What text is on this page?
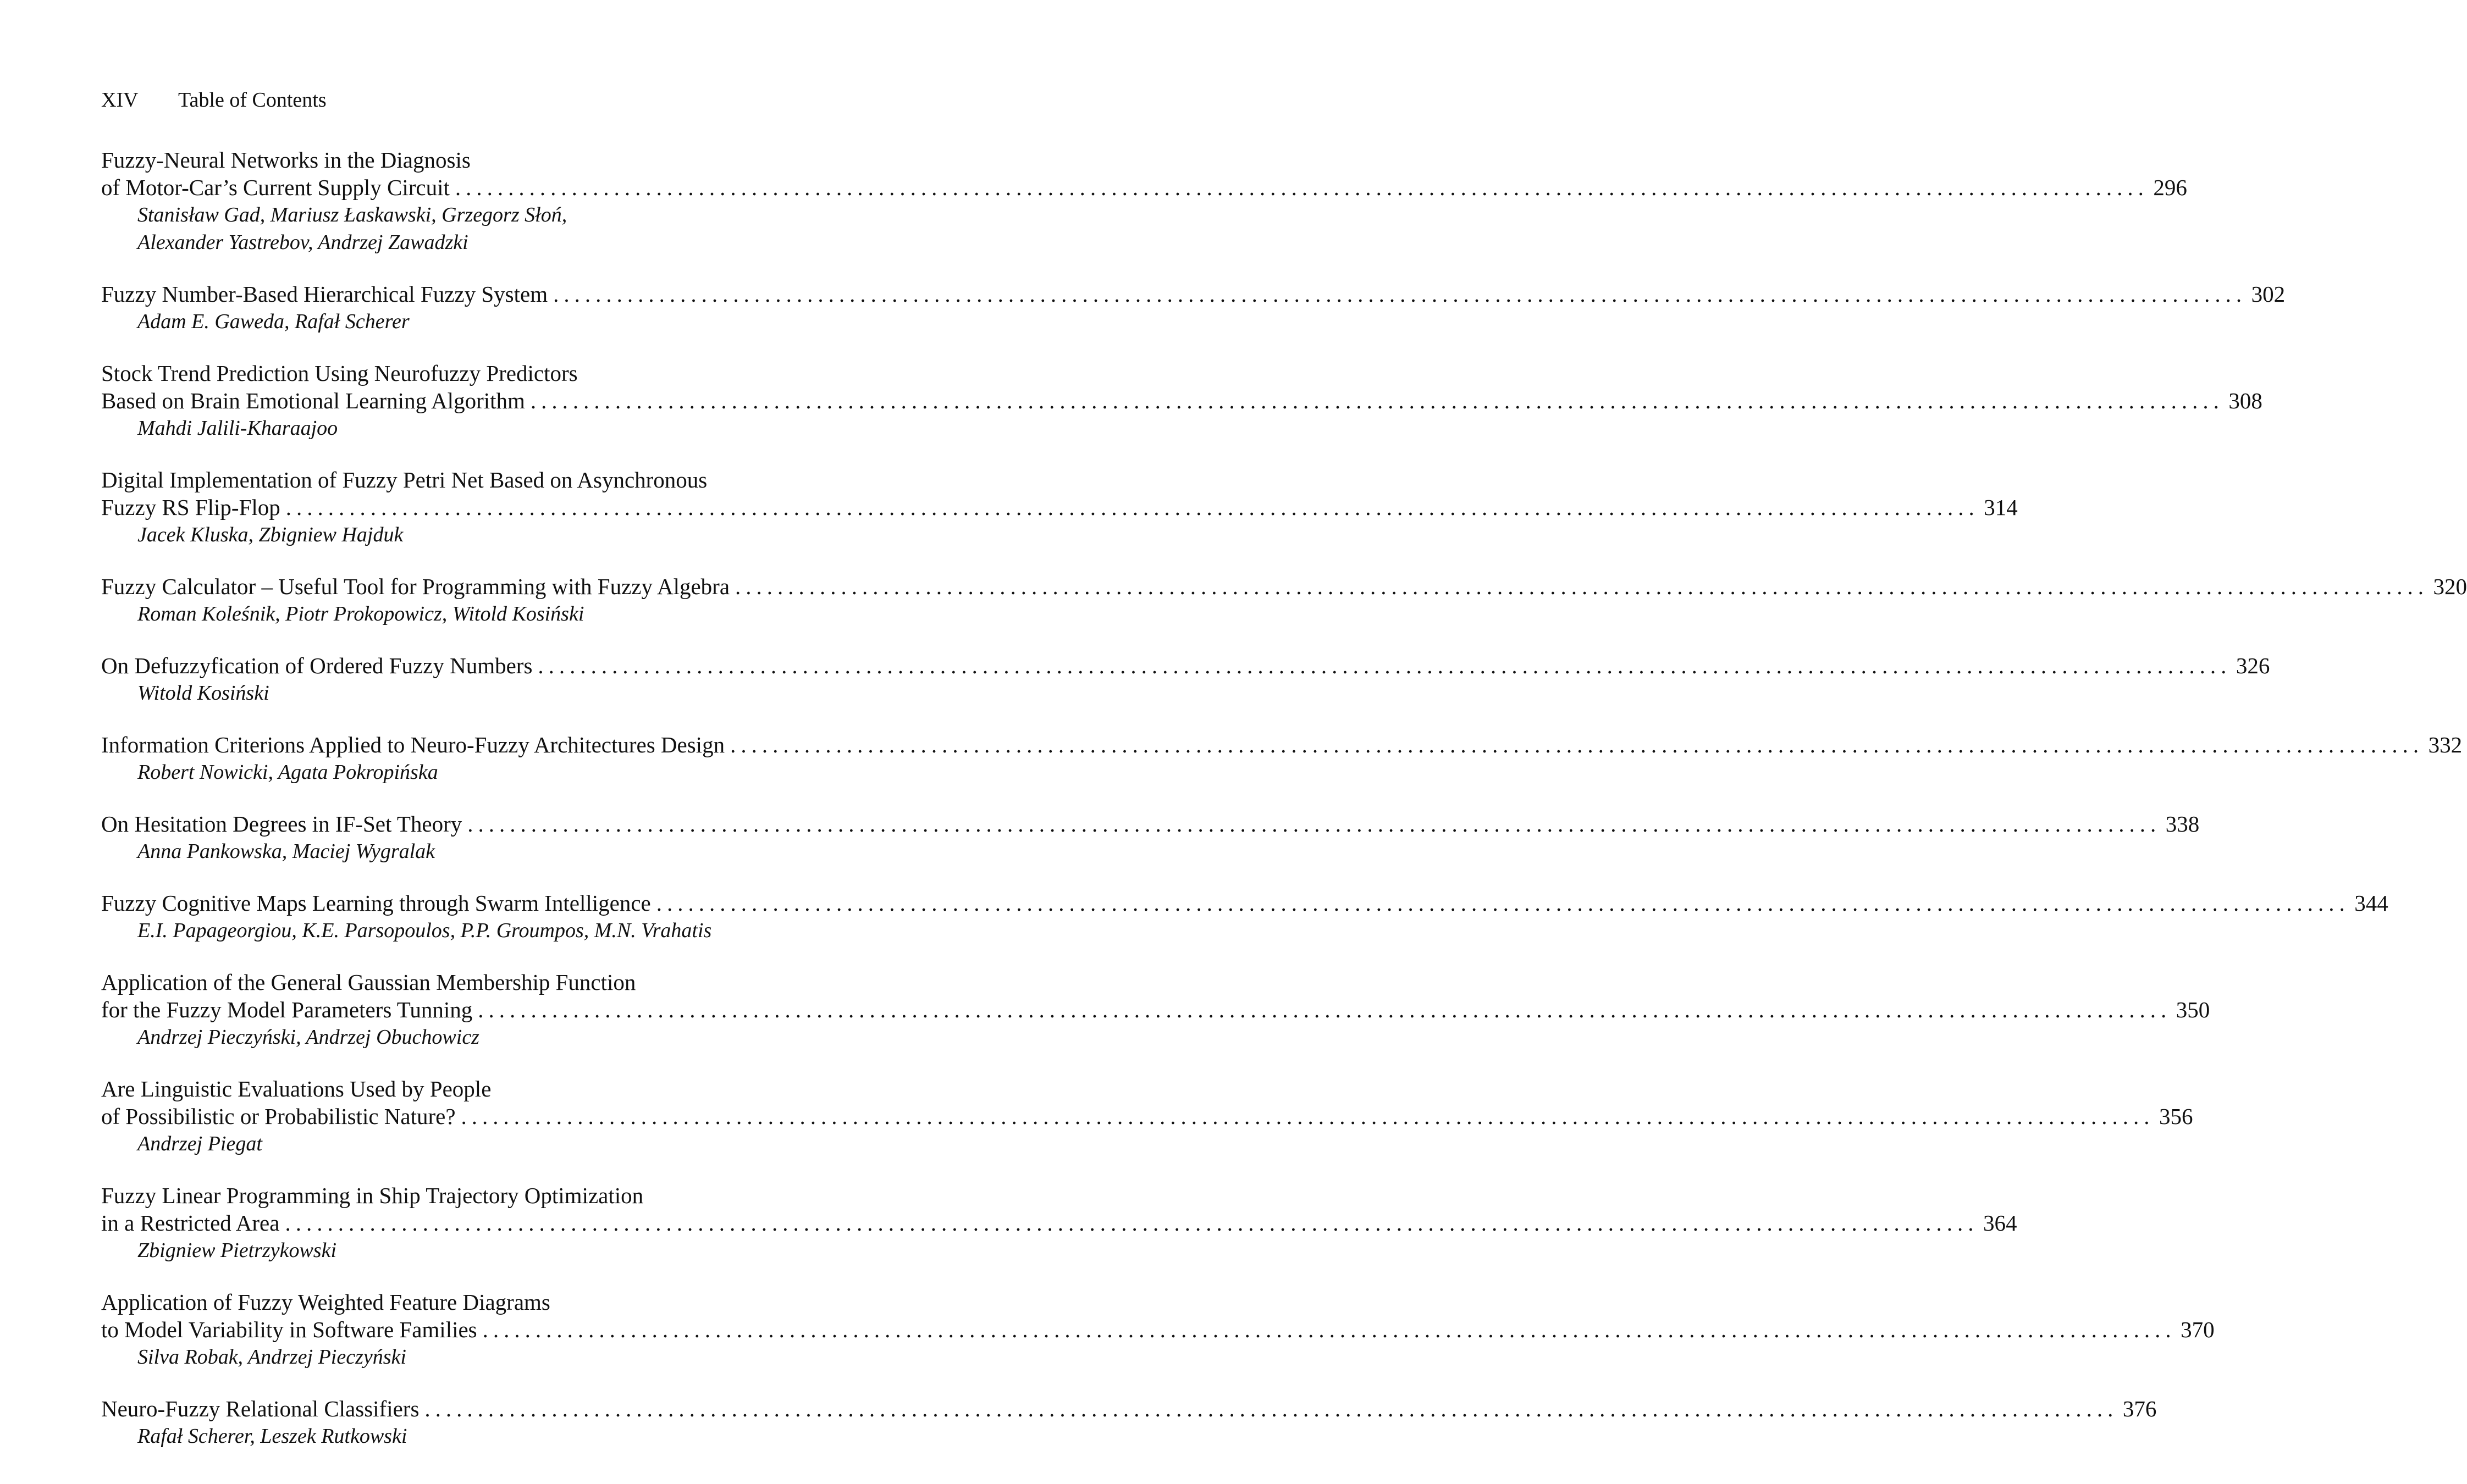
XIV Table of Contents
Fuzzy-Neural Networks in the Diagnosis
of Motor-Car’s Current Supply Circuit ................................................................................................................................................................ 296
Stanisław Gad, Mariusz Łaskawski, Grzegorz Słoń,
Alexander Yastrebov, Andrzej Zawadzki
Fuzzy Number-Based Hierarchical Fuzzy System ................................................................................................................................................................ 302
Adam E. Gaweda, Rafał Scherer
Stock Trend Prediction Using Neurofuzzy Predictors
Based on Brain Emotional Learning Algorithm ................................................................................................................................................................ 308
Mahdi Jalili-Kharaajoo
Digital Implementation of Fuzzy Petri Net Based on Asynchronous
Fuzzy RS Flip-Flop ................................................................................................................................................................ 314
Jacek Kluska, Zbigniew Hajduk
Fuzzy Calculator – Useful Tool for Programming with Fuzzy Algebra ................................................................................................................................................................ 320
Roman Koleśnik, Piotr Prokopowicz, Witold Kosiński
On Defuzzyfication of Ordered Fuzzy Numbers ................................................................................................................................................................ 326
Witold Kosiński
Information Criterions Applied to Neuro-Fuzzy Architectures Design ................................................................................................................................................................ 332
Robert Nowicki, Agata Pokropińska
On Hesitation Degrees in IF-Set Theory ................................................................................................................................................................ 338
Anna Pankowska, Maciej Wygralak
Fuzzy Cognitive Maps Learning through Swarm Intelligence ................................................................................................................................................................ 344
E.I. Papageorgiou, K.E. Parsopoulos, P.P. Groumpos, M.N. Vrahatis
Application of the General Gaussian Membership Function
for the Fuzzy Model Parameters Tunning ................................................................................................................................................................ 350
Andrzej Pieczyński, Andrzej Obuchowicz
Are Linguistic Evaluations Used by People
of Possibilistic or Probabilistic Nature? ................................................................................................................................................................ 356
Andrzej Piegat
Fuzzy Linear Programming in Ship Trajectory Optimization
in a Restricted Area ................................................................................................................................................................ 364
Zbigniew Pietrzykowski
Application of Fuzzy Weighted Feature Diagrams
to Model Variability in Software Families ................................................................................................................................................................ 370
Silva Robak, Andrzej Pieczyński
Neuro-Fuzzy Relational Classifiers ................................................................................................................................................................ 376
Rafał Scherer, Leszek Rutkowski
